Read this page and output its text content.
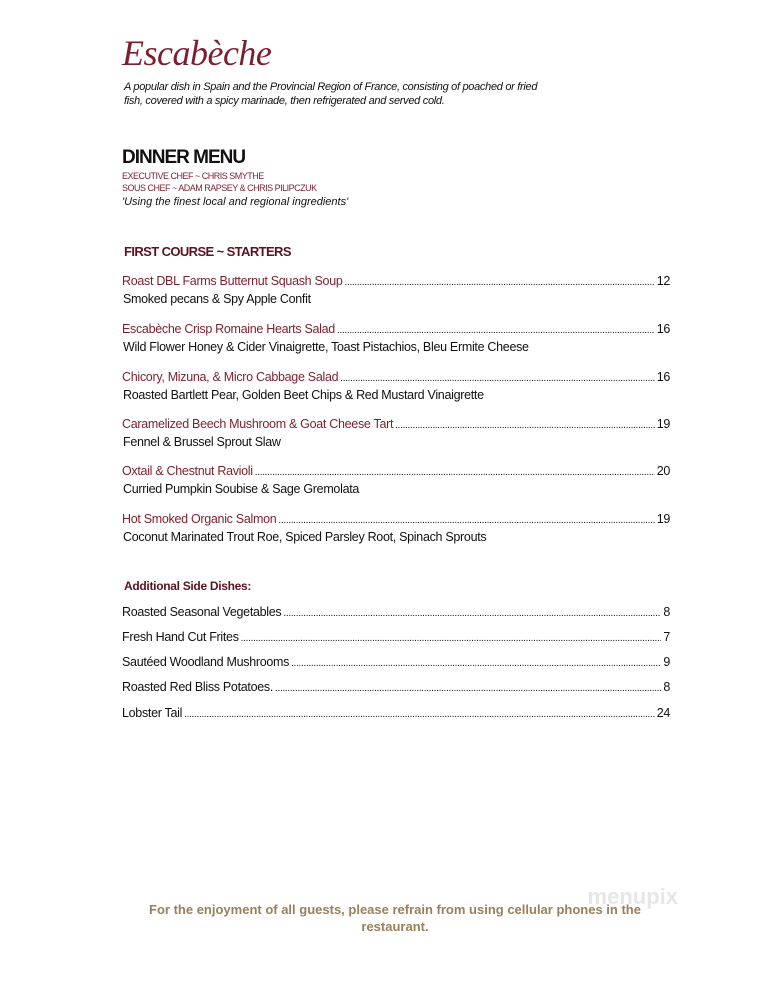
Escabèche
A popular dish in Spain and the Provincial Region of France, consisting of poached or fried fish, covered with a spicy marinade, then refrigerated and served cold.
DINNER MENU
EXECUTIVE CHEF ~ CHRIS SMYTHE
SOUS CHEF ~ ADAM RAPSEY & CHRIS PILIPCZUK
'Using the finest local and regional ingredients'
FIRST COURSE ~ STARTERS
Roast DBL Farms Butternut Squash Soup .....	12
Smoked pecans & Spy Apple Confit
Escabèche Crisp Romaine Hearts Salad .....	16
Wild Flower Honey & Cider Vinaigrette, Toast Pistachios, Bleu Ermite Cheese
Chicory, Mizuna, & Micro Cabbage Salad .....	16
Roasted Bartlett Pear, Golden Beet Chips & Red Mustard Vinaigrette
Caramelized Beech Mushroom & Goat Cheese Tart .....	19
Fennel & Brussel Sprout Slaw
Oxtail & Chestnut Ravioli .....	20
Curried Pumpkin Soubise & Sage Gremolata
Hot Smoked Organic Salmon .....	19
Coconut Marinated Trout Roe, Spiced Parsley Root, Spinach Sprouts
Additional Side Dishes:
Roasted Seasonal Vegetables .....	8
Fresh Hand Cut Frites .....	7
Sautéed Woodland Mushrooms .....	9
Roasted Red Bliss Potatoes. .....	8
Lobster Tail .....	24
menupix
For the enjoyment of all guests, please refrain from using cellular phones in the restaurant.
